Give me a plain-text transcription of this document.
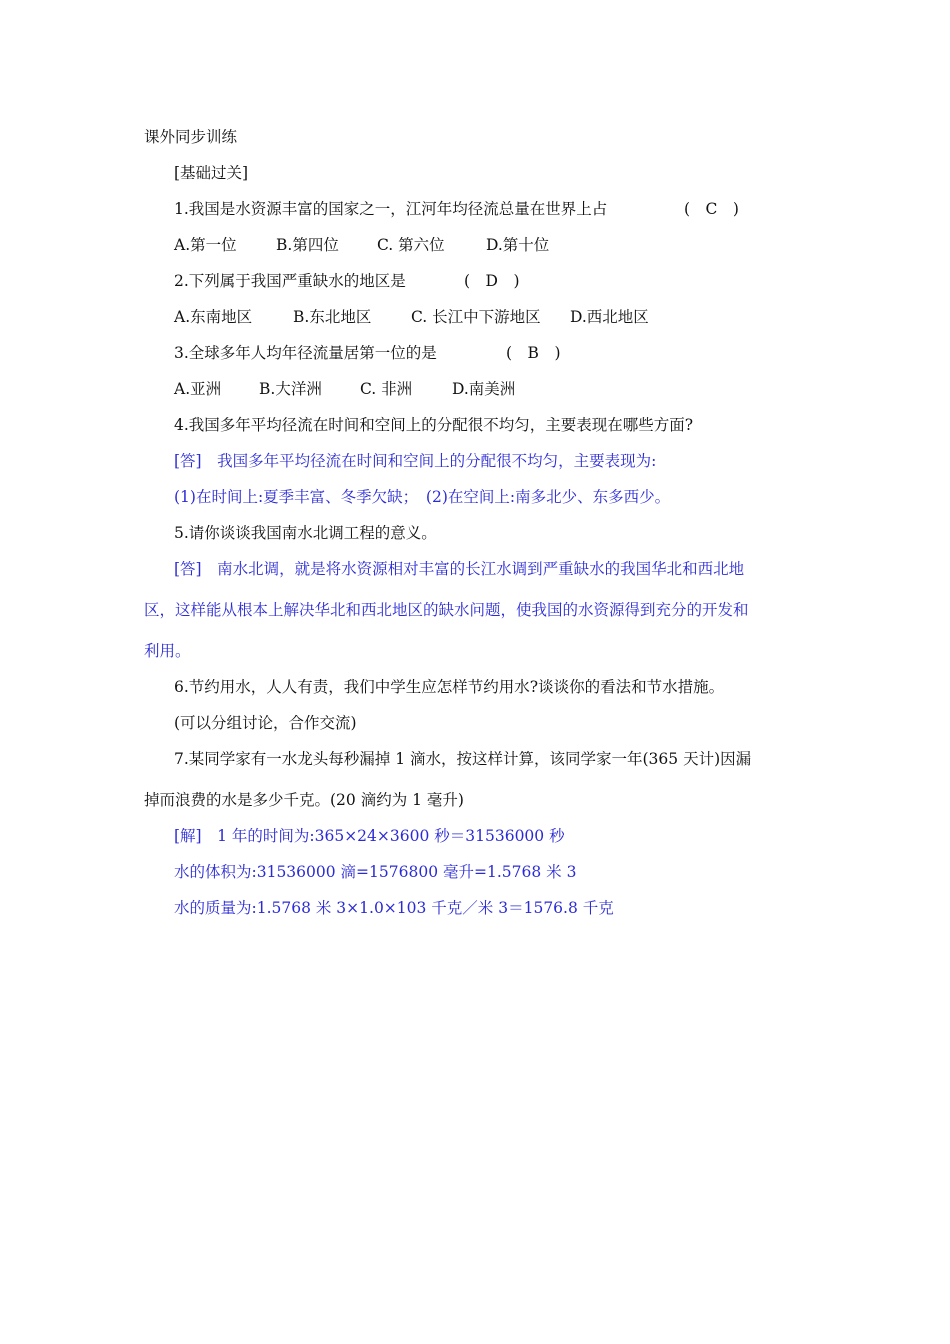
课外同步训练
[基础过关]
1.我国是水资源丰富的国家之一，江河年均径流总量在世界上占	(　C　)
A.第一位	B.第四位 C. 第六位	D.第十位
2.下列属于我国严重缺水的地区是	(　D　)
A.东南地区	B.东北地区	C. 长江中下游地区 D.西北地区
3.全球多年人均年径流量居第一位的是	(　B　)
A.亚洲 B.大洋洲 C. 非洲	D.南美洲
4.我国多年平均径流在时间和空间上的分配很不均匀，主要表现在哪些方面?
[答]　我国多年平均径流在时间和空间上的分配很不均匀，主要表现为:
(1)在时间上:夏季丰富、冬季欠缺；　(2)在空间上:南多北少、东多西少。
5.请你谈谈我国南水北调工程的意义。
[答]　南水北调，就是将水资源相对丰富的长江水调到严重缺水的我国华北和西北地
区，这样能从根本上解决华北和西北地区的缺水问题，使我国的水资源得到充分的开发和
利用。
6.节约用水，人人有责，我们中学生应怎样节约用水?谈谈你的看法和节水措施。
(可以分组讨论，合作交流)
7.某同学家有一水龙头每秒漏掉 1 滴水，按这样计算，该同学家一年(365 天计)因漏
掉而浪费的水是多少千克。(20 滴约为 1 毫升)
[解]　1 年的时间为:365×24×3600 秒＝31536000 秒
水的体积为:31536000 滴=1576800 毫升=1.5768 米 3
水的质量为:1.5768 米 3×1.0×103 千克／米 3＝1576.8 千克
